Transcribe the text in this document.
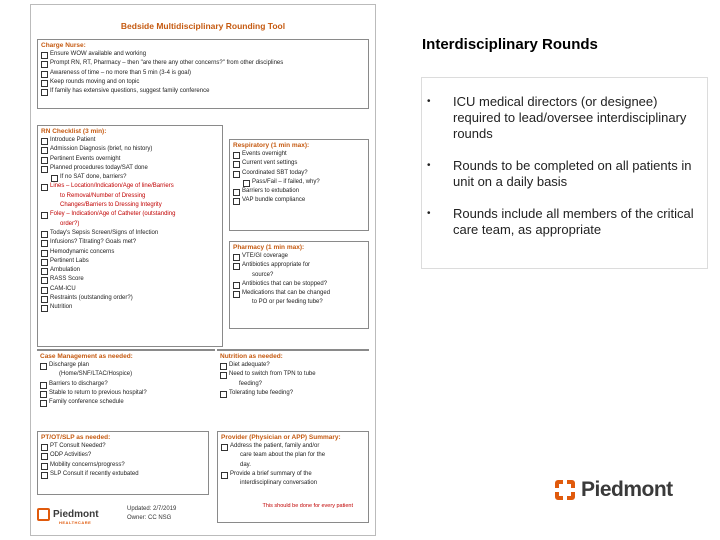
Bedside Multidisciplinary Rounding Tool
Charge Nurse:
Ensure WOW available and working
Prompt RN, RT, Pharmacy – then "are there any other concerns?" from other disciplines
Awareness of time – no more than 5 min (3-4 is goal)
Keep rounds moving and on topic
If family has extensive questions, suggest family conference
RN Checklist (3 min):
Introduce Patient
Admission Diagnosis (brief, no history)
Pertinent Events overnight
Planned procedures today/SAT done
If no SAT done, barriers?
Lines – Location/Indication/Age of line/Barriers
to Removal/Number of Dressing
Changes/Barriers to Dressing Integrity
Foley – Indication/Age of Catheter (outstanding
order?)
Today's Sepsis Screen/Signs of Infection
Infusions? Titrating? Goals met?
Hemodynamic concerns
Pertinent Labs
Ambulation
RASS Score
CAM-ICU
Restraints (outstanding order?)
Nutrition
Respiratory (1 min max):
Events overnight
Current vent settings
Coordinated SBT today?
Pass/Fail – if failed, why?
Barriers to extubation
VAP bundle compliance
Pharmacy (1 min max):
VTE/GI coverage
Antibiotics appropriate for
source?
Antibiotics that can be stopped?
Medications that can be changed
to PO or per feeding tube?
Case Management as needed:
Discharge plan
(Home/SNF/LTAC/Hospice)
Barriers to discharge?
Stable to return to previous hospital?
Family conference schedule
Nutrition as needed:
Diet adequate?
Need to switch from TPN to tube
feeding?
Tolerating tube feeding?
PT/OT/SLP as needed:
PT Consult Needed?
ODP Activities?
Mobility concerns/progress?
SLP Consult if recently extubated
Provider (Physician or APP) Summary:
Address the patient, family and/or
care team about the plan for the
day.
Provide a brief summary of the
interdisciplinary conversation
This should be done for every patient
Piedmont
HEALTHCARE
Updated: 2/7/2019
Owner: CC NSG
Interdisciplinary Rounds
• ICU medical directors (or designee) required to lead/oversee interdisciplinary rounds
• Rounds to be completed on all patients in unit on a daily basis
• Rounds include all members of the critical care team, as appropriate
Piedmont
